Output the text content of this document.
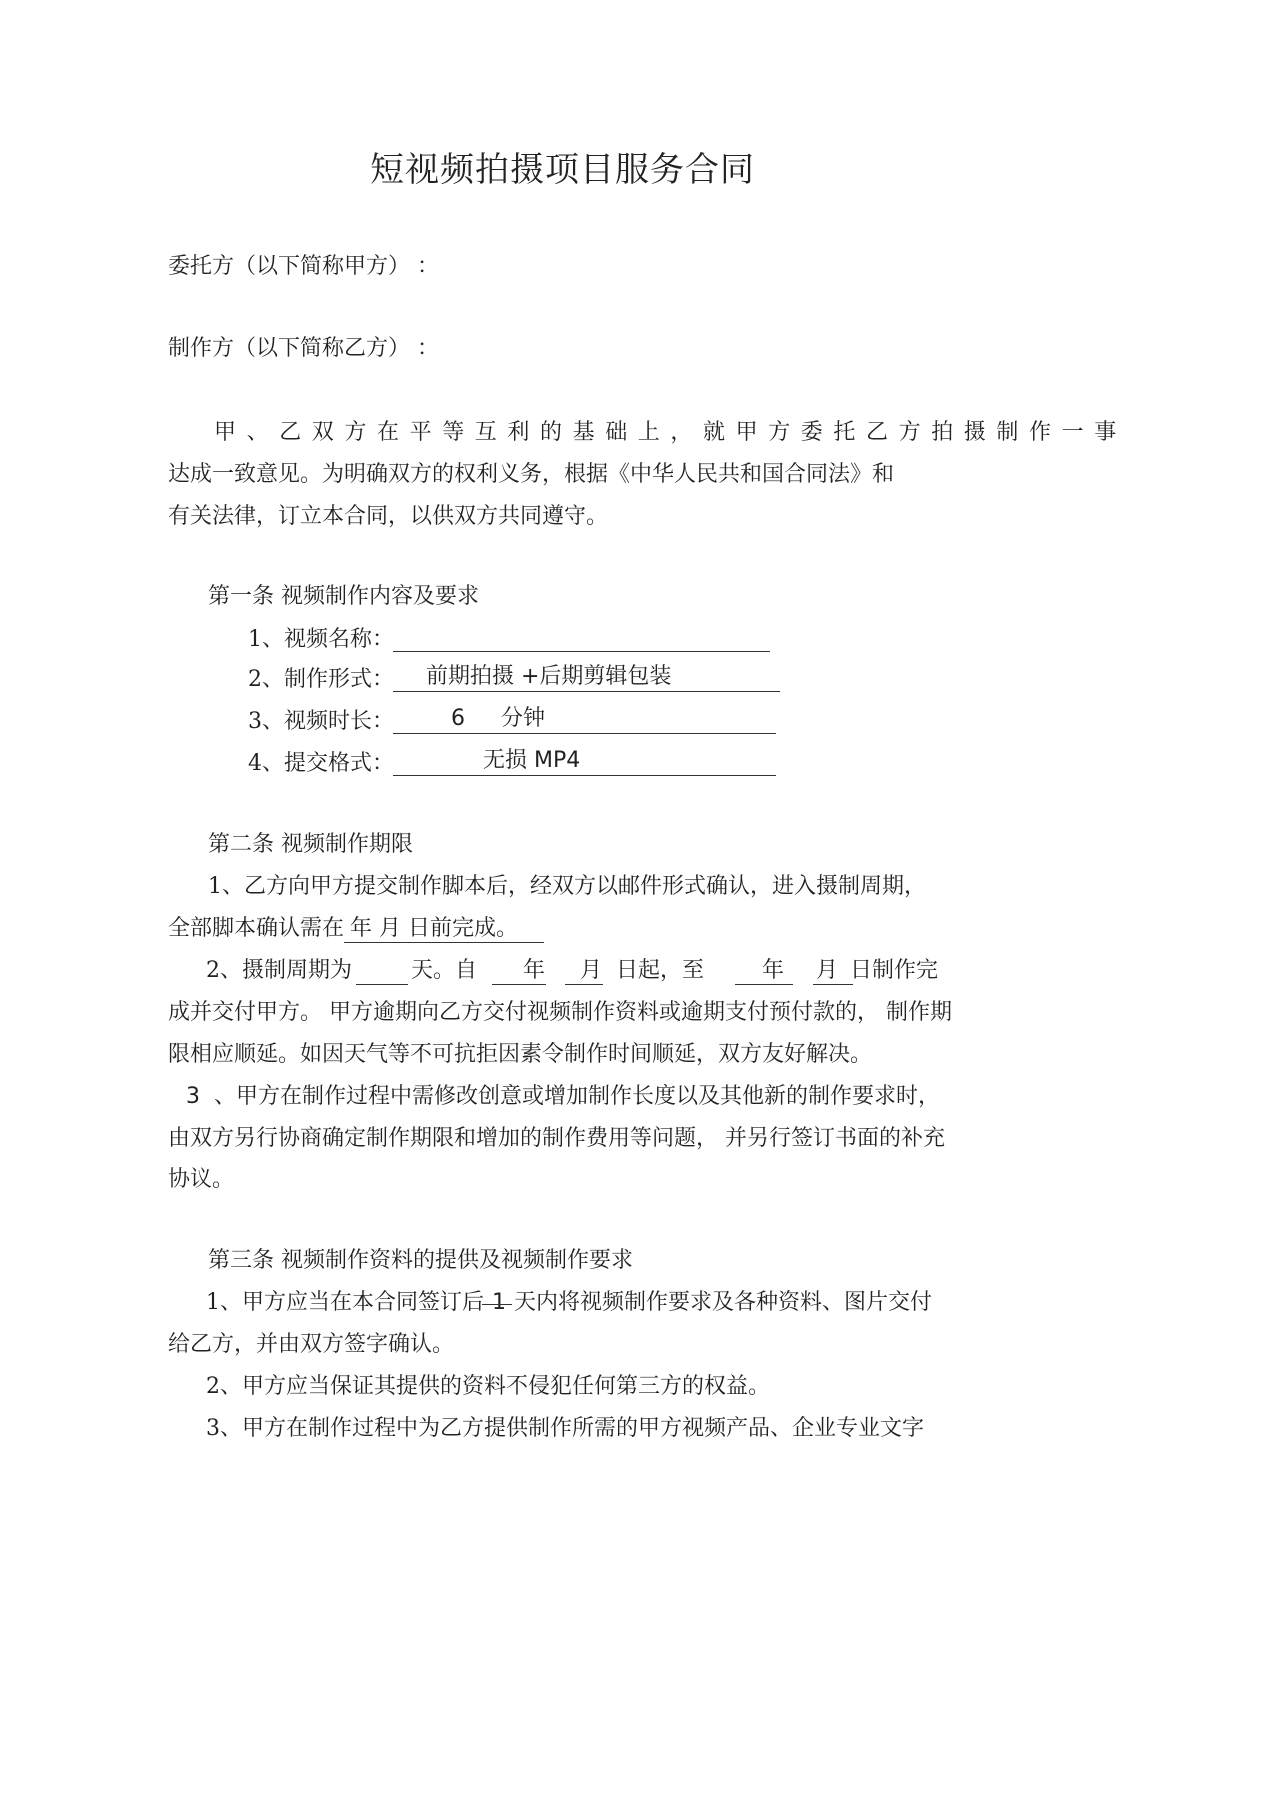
短视频拍摄项目服务合同
委托方（以下简称甲方） ：
制作方（以下简称乙方） ：
甲、乙双方在平等互利的基础上，就甲方委托乙方拍摄制作一事
达成一致意见。为明确双方的权利义务，根据《中华人民共和国合同法》和
有关法律，订立本合同，以供双方共同遵守。
第一条 视频制作内容及要求
1、视频名称：
2、制作形式： 前期拍摄 +后期剪辑包装
3、视频时长：	6 分钟
4、提交格式：	无损 MP4
第二条 视频制作期限
1、乙方向甲方提交制作脚本后，经双方以邮件形式确认，进入摄制周期，
全部脚本确认需在 年 月 日前完成。
2、摄制周期为	天。自 年 月 日起，至	年 月 日制作完
成并交付甲方。 甲方逾期向乙方交付视频制作资料或逾期支付预付款的， 制作期
限相应顺延。如因天气等不可抗拒因素令制作时间顺延，双方友好解决。
3 、甲方在制作过程中需修改创意或增加制作长度以及其他新的制作要求时，
由双方另行协商确定制作期限和增加的制作费用等问题， 并另行签订书面的补充
协议。
第三条 视频制作资料的提供及视频制作要求
1、甲方应当在本合同签订后 1 天内将视频制作要求及各种资料、图片交付
给乙方，并由双方签字确认。
2、甲方应当保证其提供的资料不侵犯任何第三方的权益。
3、甲方在制作过程中为乙方提供制作所需的甲方视频产品、企业专业文字
